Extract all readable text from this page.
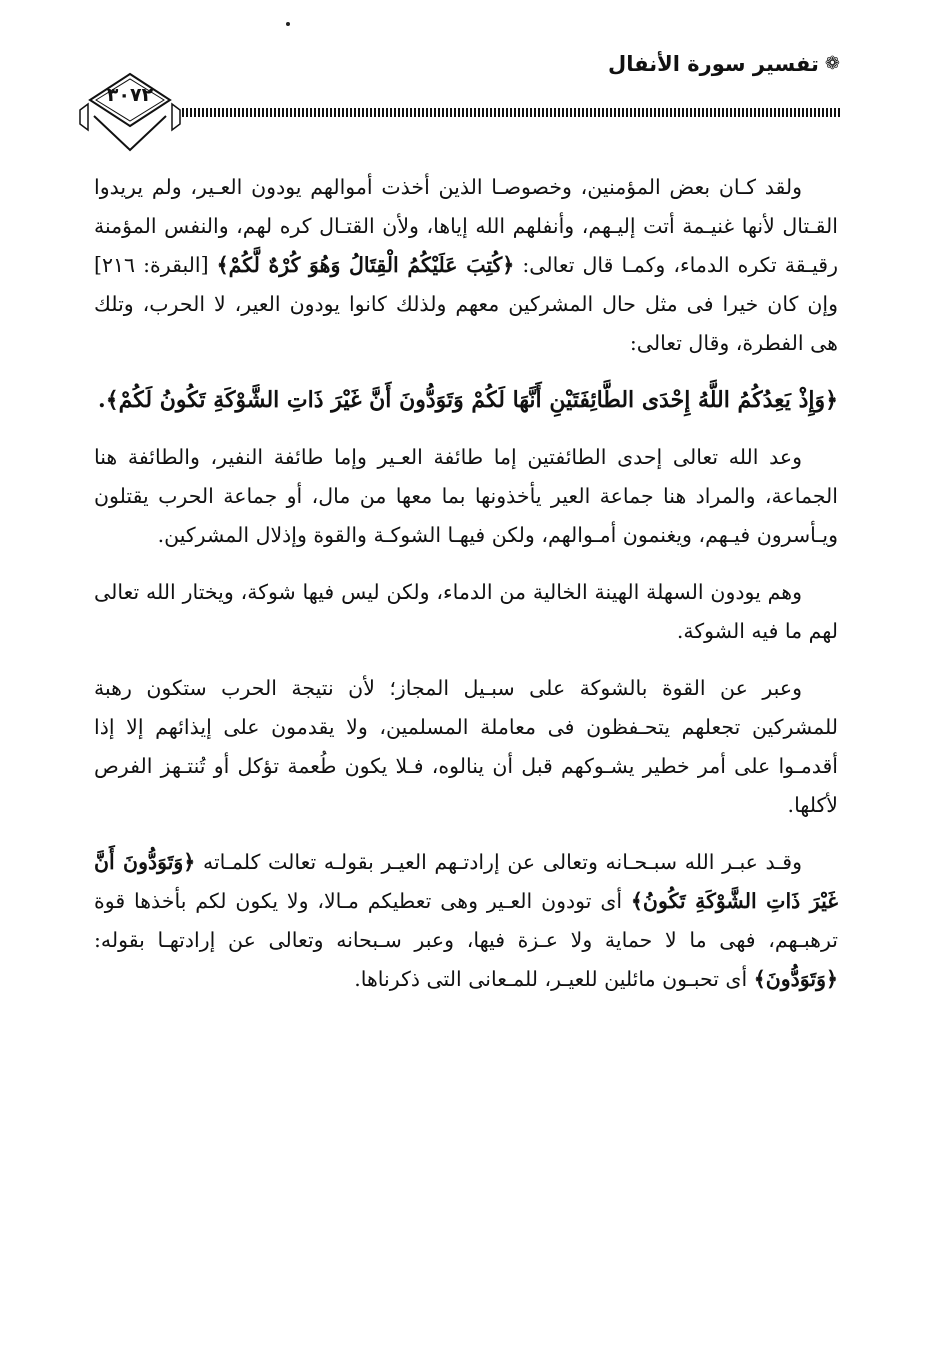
❁
تفسير سورة الأنفال
٣٠٧٢

ولقد كـان بعض المؤمنين، وخصوصـا الذين أخذت أموالهم يودون العـير، ولم يريدوا القـتال لأنها غنيـمة أتت إليـهم، وأنفلهم الله إياها، ولأن القتـال كره لهم، والنفس المؤمنة رقيـقة تكره الدماء، وكمـا قال تعالى: ﴿كُتِبَ عَلَيْكُمُ الْقِتَالُ وَهُوَ كُرْهٌ لَّكُمْ﴾ [البقرة: ٢١٦] وإن كان خيرا فى مثل حال المشركين معهم ولذلك كانوا يودون العير، لا الحرب، وتلك هى الفطرة، وقال تعالى:

﴿وَإِذْ يَعِدُكُمُ اللَّهُ إِحْدَى الطَّائِفَتَيْنِ أَنَّهَا لَكُمْ وَتَوَدُّونَ أَنَّ غَيْرَ ذَاتِ الشَّوْكَةِ تَكُونُ لَكُمْ﴾.

وعد الله تعالى إحدى الطائفتين إما طائفة العـير وإما طائفة النفير، والطائفة هنا الجماعة، والمراد هنا جماعة العير يأخذونها بما معها من مال، أو جماعة الحرب يقتلون ويـأسرون فيـهم، ويغنمون أمـوالهم، ولكن فيهـا الشوكـة والقوة وإذلال المشركين.

وهم يودون السهلة الهينة الخالية من الدماء، ولكن ليس فيها شوكة، ويختار الله تعالى لهم ما فيه الشوكة.

وعبر عن القوة بالشوكة على سبـيل المجاز؛ لأن نتيجة الحرب ستكون رهبة للمشركين تجعلهم يتحـفظون فى معاملة المسلمين، ولا يقدمون على إيذائهم إلا إذا أقدمـوا على أمر خطير يشـوكهم قبل أن ينالوه، فـلا يكون طُعمة تؤكل أو تُنتـهز الفرص لأكلها.

وقـد عبـر الله سبـحـانه وتعالى عن إرادتـهم العيـر بقولـه تعالت كلمـاته ﴿وَتَوَدُّونَ أَنَّ غَيْرَ ذَاتِ الشَّوْكَةِ تَكُونُ﴾ أى تودون العـير وهى تعطيكم مـالا، ولا يكون لكم بأخذها قوة ترهبـهم، فهى ما لا حماية ولا عـزة فيها، وعبر سـبحانه وتعالى عن إرادتهـا بقوله: ﴿وَتَوَدُّونَ﴾ أى تحبـون مائلين للعيـر، للمـعانى التى ذكرناها.
